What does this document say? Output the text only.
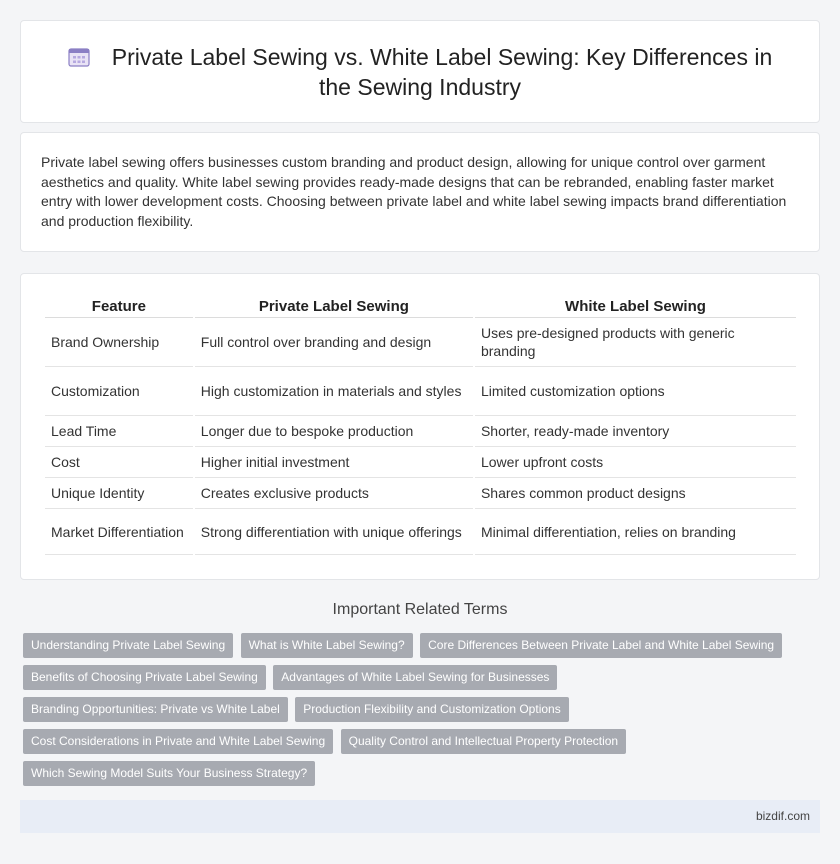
Private Label Sewing vs. White Label Sewing: Key Differences in the Sewing Industry

Private label sewing offers businesses custom branding and product design, allowing for unique control over garment aesthetics and quality. White label sewing provides ready-made designs that can be rebranded, enabling faster market entry with lower development costs. Choosing between private label and white label sewing impacts brand differentiation and production flexibility.

Feature	Private Label Sewing	White Label Sewing
Brand Ownership	Full control over branding and design	Uses pre-designed products with generic branding
Customization	High customization in materials and styles	Limited customization options
Lead Time	Longer due to bespoke production	Shorter, ready-made inventory
Cost	Higher initial investment	Lower upfront costs
Unique Identity	Creates exclusive products	Shares common product designs
Market Differentiation	Strong differentiation with unique offerings	Minimal differentiation, relies on branding
Important Related Terms
Understanding Private Label Sewing What is White Label Sewing? Core Differences Between Private Label and White Label Sewing Benefits of Choosing Private Label Sewing Advantages of White Label Sewing for Businesses Branding Opportunities: Private vs White Label Production Flexibility and Customization Options Cost Considerations in Private and White Label Sewing Quality Control and Intellectual Property Protection Which Sewing Model Suits Your Business Strategy?
bizdif.com
